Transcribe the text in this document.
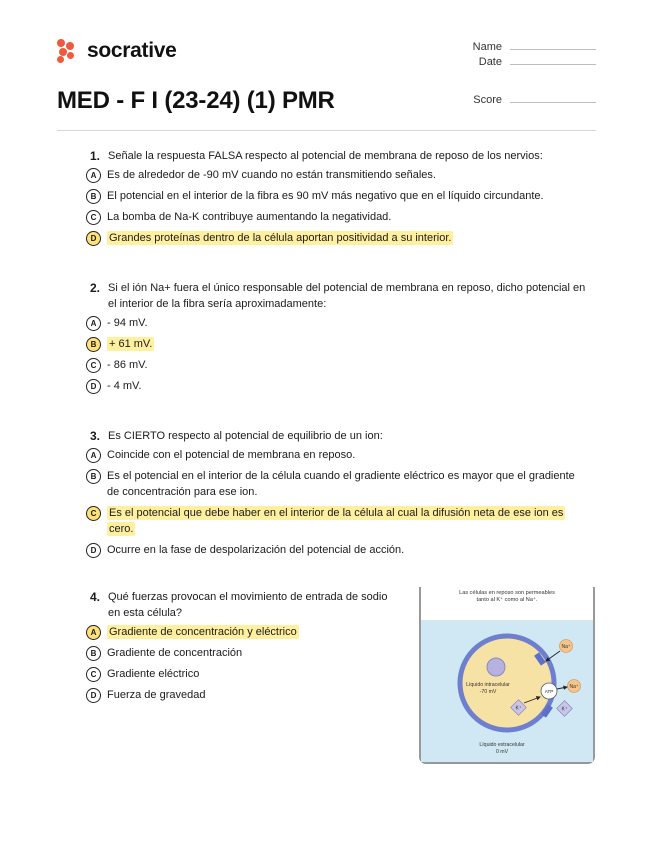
socrative	Name
Date
Score
MED - F I (23-24) (1) PMR
1. Señale la respuesta FALSA respecto al potencial de membrana de reposo de los nervios:
A Es de alrededor de -90 mV cuando no están transmitiendo señales.
B El potencial en el interior de la fibra es 90 mV más negativo que en el líquido circundante.
C La bomba de Na-K contribuye aumentando la negatividad.
D	Grandes proteínas dentro de la célula aportan positividad a su interior.
2. Si el ión Na+ fuera el único responsable del potencial de membrana en reposo, dicho potencial en el interior de la fibra sería aproximadamente:
A - 94 mV.
B	+ 61 mV.
C - 86 mV.
D - 4 mV.
3. Es CIERTO respecto al potencial de equilibrio de un ion:
A Coincide con el potencial de membrana en reposo.
B Es el potencial en el interior de la célula cuando el gradiente eléctrico es mayor que el gradiente de concentración para ese ion.
C	Es el potencial que debe haber en el interior de la célula al cual la difusión neta de ese ion es cero.
D Ocurre en la fase de despolarización del potencial de acción.
4. Qué fuerzas provocan el movimiento de entrada de sodio en esta célula?
A	Gradiente de concentración y eléctrico
B Gradiente de concentración
C Gradiente eléctrico
D Fuerza de gravedad
Las células en reposo son permeables
tanto al K⁺ como al Na⁺.
Líquido intracelular
-70 mV	ATP
Na⁺
Na⁺
K⁺	K⁺
Líquido extracelular
0 mV
